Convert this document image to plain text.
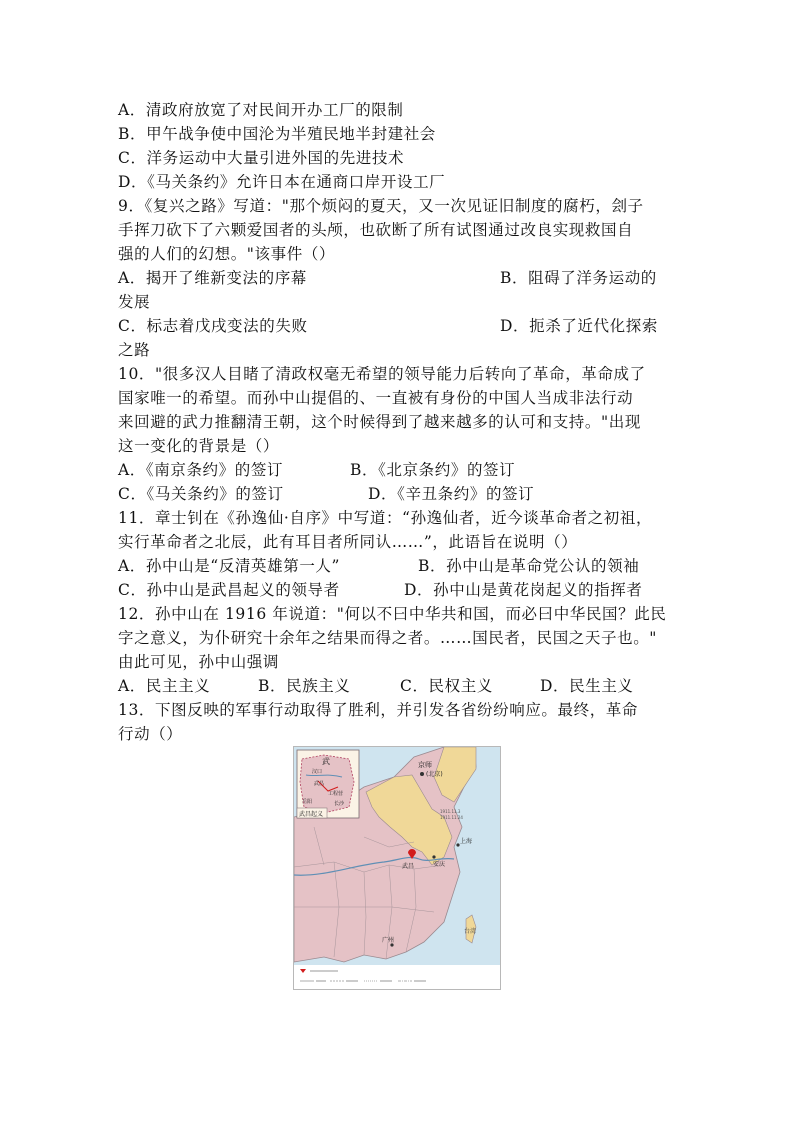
A．清政府放宽了对民间开办工厂的限制
B．甲午战争使中国沦为半殖民地半封建社会
C．洋务运动中大量引进外国的先进技术
D．《马关条约》允许日本在通商口岸开设工厂
9．《复兴之路》写道："那个烦闷的夏天，又一次见证旧制度的腐朽，刽子
手挥刀砍下了六颗爱国者的头颅，也砍断了所有试图通过改良实现救国自
强的人们的幻想。"该事件（）
A．揭开了维新变法的序幕	B．阻碍了洋务运动的
发展
C．标志着戊戌变法的失败	D．扼杀了近代化探索
之路
10．"很多汉人目睹了清政权毫无希望的领导能力后转向了革命，革命成了
国家唯一的希望。而孙中山提倡的、一直被有身份的中国人当成非法行动
来回避的武力推翻清王朝，这个时候得到了越来越多的认可和支持。"出现
这一变化的背景是（）
A．《南京条约》的签订	B．《北京条约》的签订
C．《马关条约》的签订	D．《辛丑条约》的签订
11．章士钊在《孙逸仙·自序》中写道：“孙逸仙者，近今谈革命者之初祖，
实行革命者之北辰，此有耳目者所同认……”，此语旨在说明（）
A．孙中山是“反清英雄第一人”	B．孙中山是革命党公认的领袖
C．孙中山是武昌起义的领导者	D．孙中山是黄花岗起义的指挥者
12．孙中山在 1916 年说道："何以不曰中华共和国，而必曰中华民国？此民
字之意义，为仆研究十余年之结果而得之者。……国民者，民国之天子也。"
由此可见，孙中山强调
A．民主主义	B．民族主义	C．民权主义	D．民生主义
13．下图反映的军事行动取得了胜利，并引发各省纷纷响应。最终，革命
行动（）
台湾
京师
(北京)
1911.11.3
1911.11.24
武昌	安庆
上海
广州
武
汉口
武昌
工程营
岳阳	长沙
武昌起义
